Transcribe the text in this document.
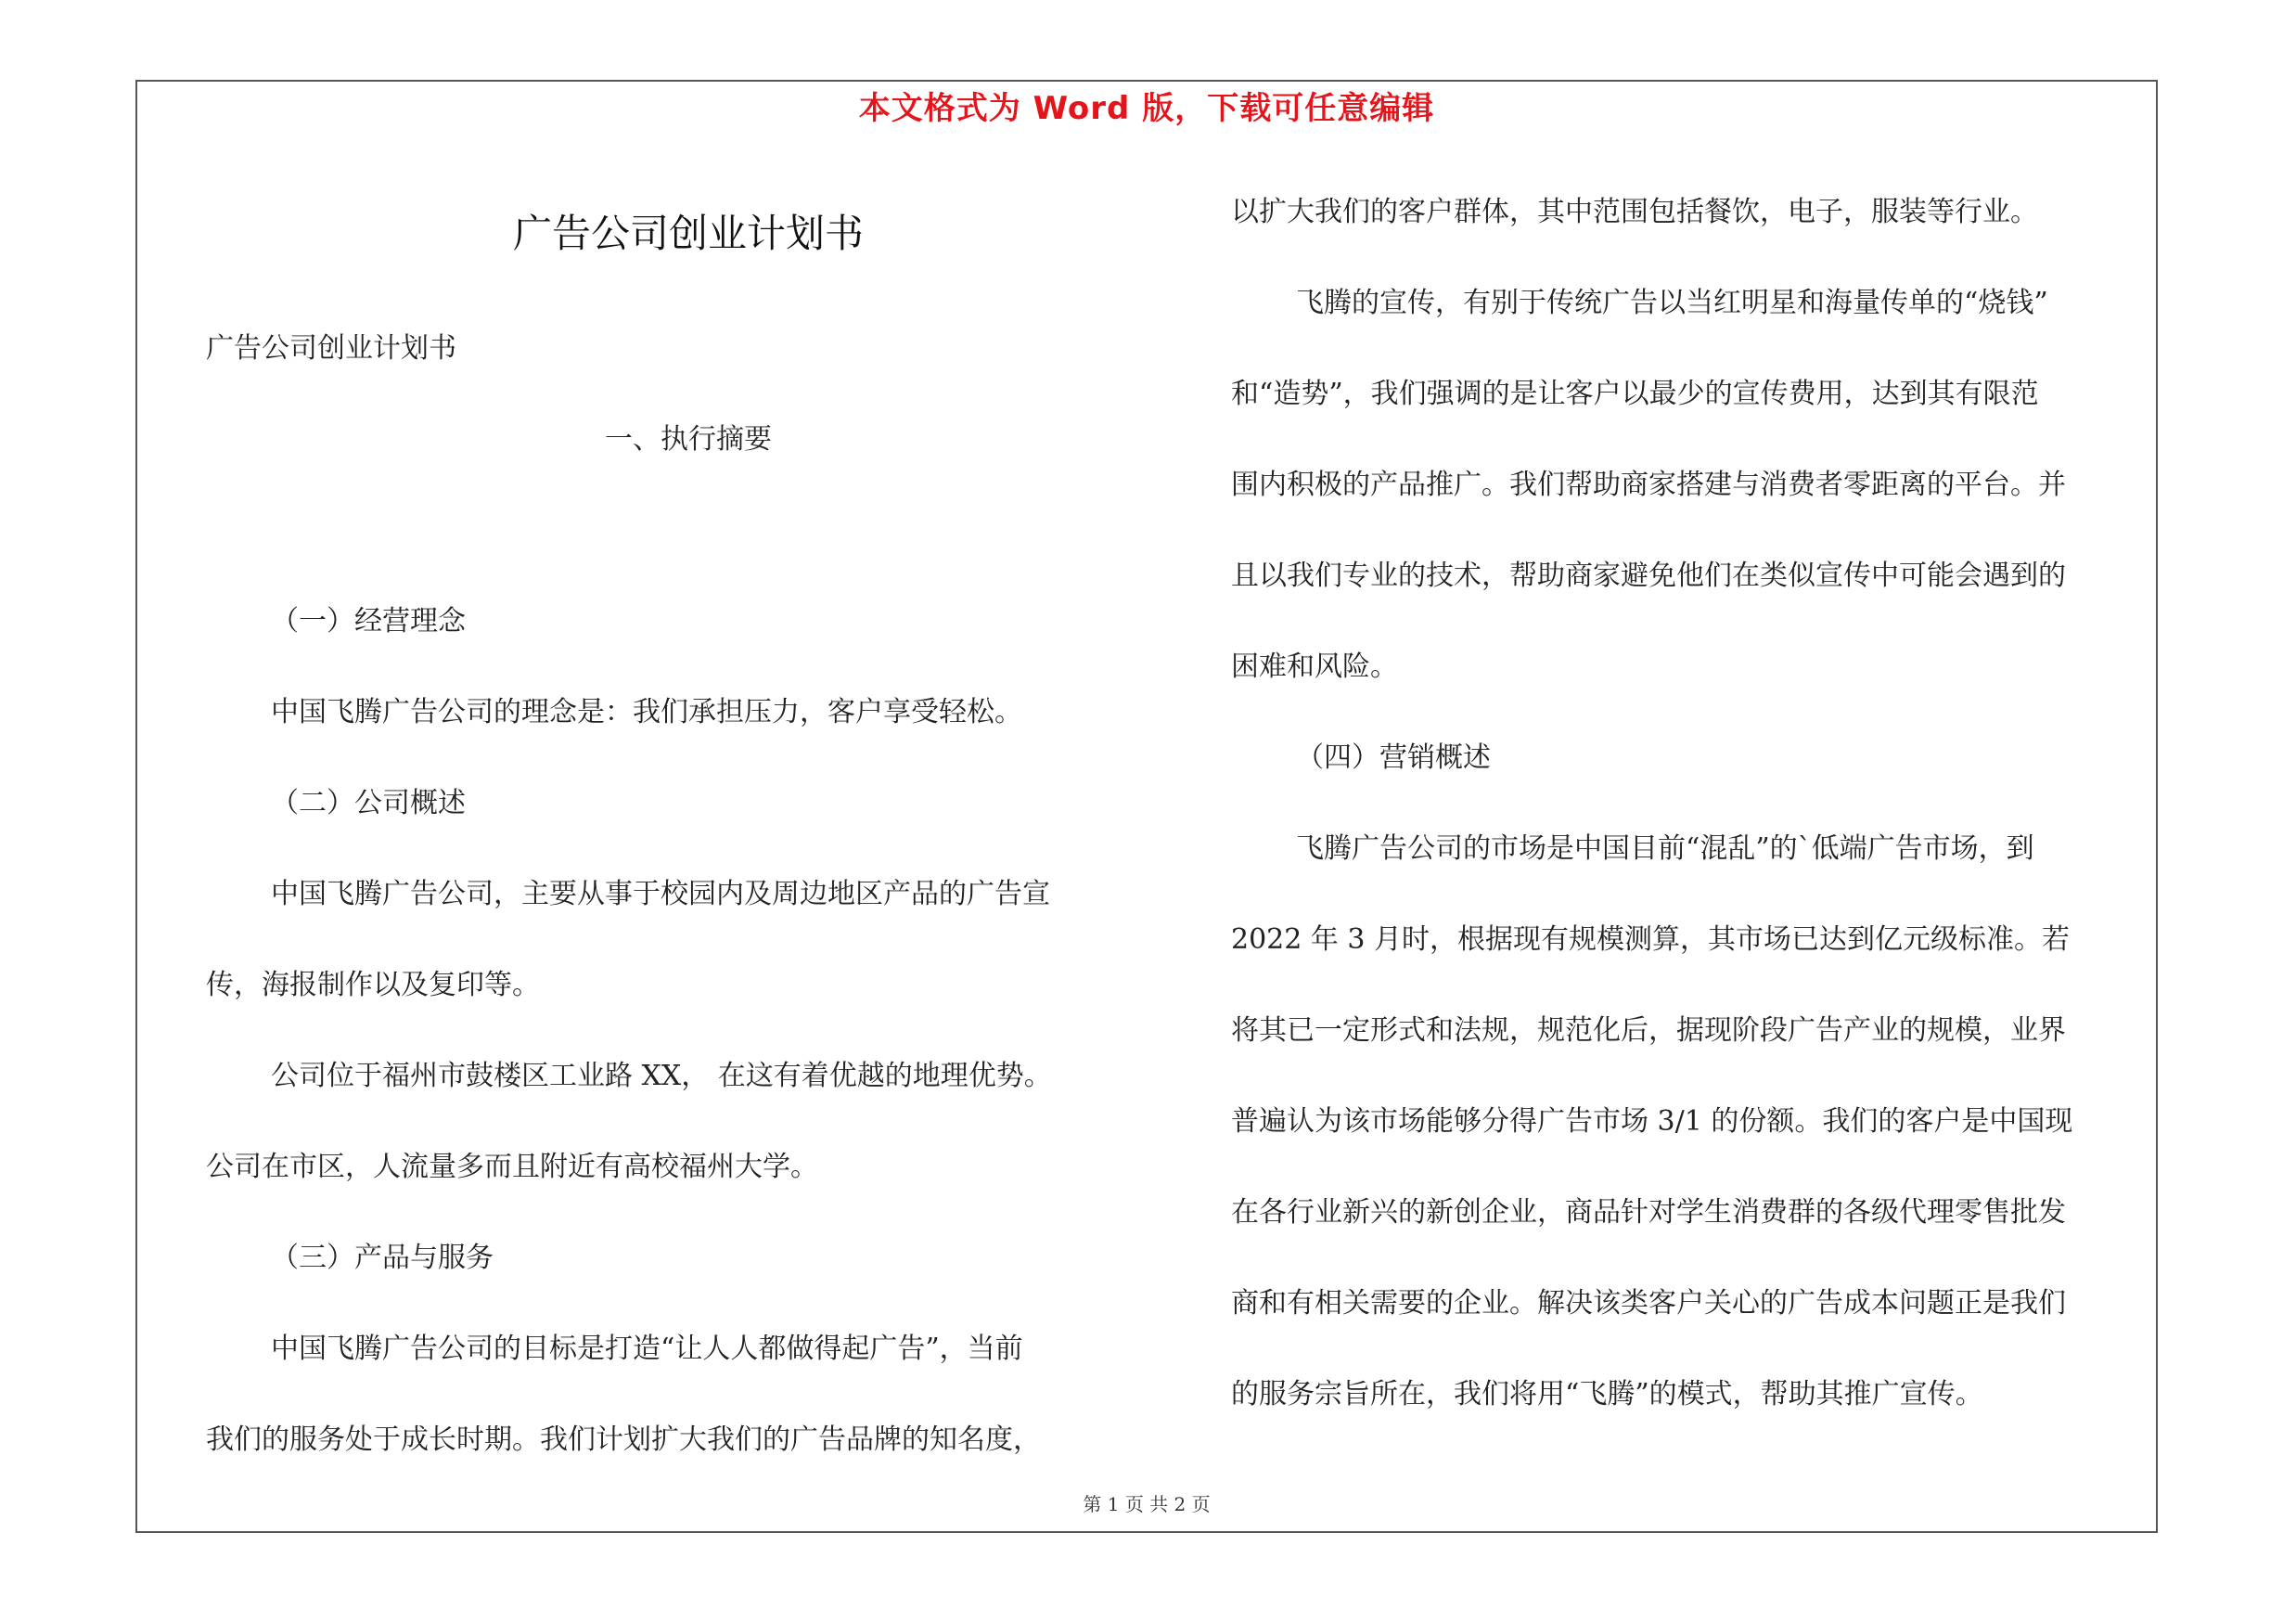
本文格式为 Word 版，下载可任意编辑
广告公司创业计划书

广告公司创业计划书

一、执行摘要

（一）经营理念

中国飞腾广告公司的理念是：我们承担压力，客户享受轻松。

（二）公司概述

中国飞腾广告公司，主要从事于校园内及周边地区产品的广告宣

传，海报制作以及复印等。

公司位于福州市鼓楼区工业路 XX， 在这有着优越的地理优势。

公司在市区，人流量多而且附近有高校福州大学。

（三）产品与服务

中国飞腾广告公司的目标是打造“让人人都做得起广告”，当前

我们的服务处于成长时期。我们计划扩大我们的广告品牌的知名度，

以扩大我们的客户群体，其中范围包括餐饮，电子，服装等行业。

飞腾的宣传，有别于传统广告以当红明星和海量传单的“烧钱”

和“造势”，我们强调的是让客户以最少的宣传费用，达到其有限范

围内积极的产品推广。我们帮助商家搭建与消费者零距离的平台。并

且以我们专业的技术，帮助商家避免他们在类似宣传中可能会遇到的

困难和风险。

（四）营销概述

飞腾广告公司的市场是中国目前“混乱”的`低端广告市场，到

2022 年 3 月时，根据现有规模测算，其市场已达到亿元级标准。若

将其已一定形式和法规，规范化后，据现阶段广告产业的规模，业界

普遍认为该市场能够分得广告市场 3/1 的份额。我们的客户是中国现

在各行业新兴的新创企业，商品针对学生消费群的各级代理零售批发

商和有相关需要的企业。解决该类客户关心的广告成本问题正是我们

的服务宗旨所在，我们将用“飞腾”的模式，帮助其推广宣传。

第 1 页 共 2 页
